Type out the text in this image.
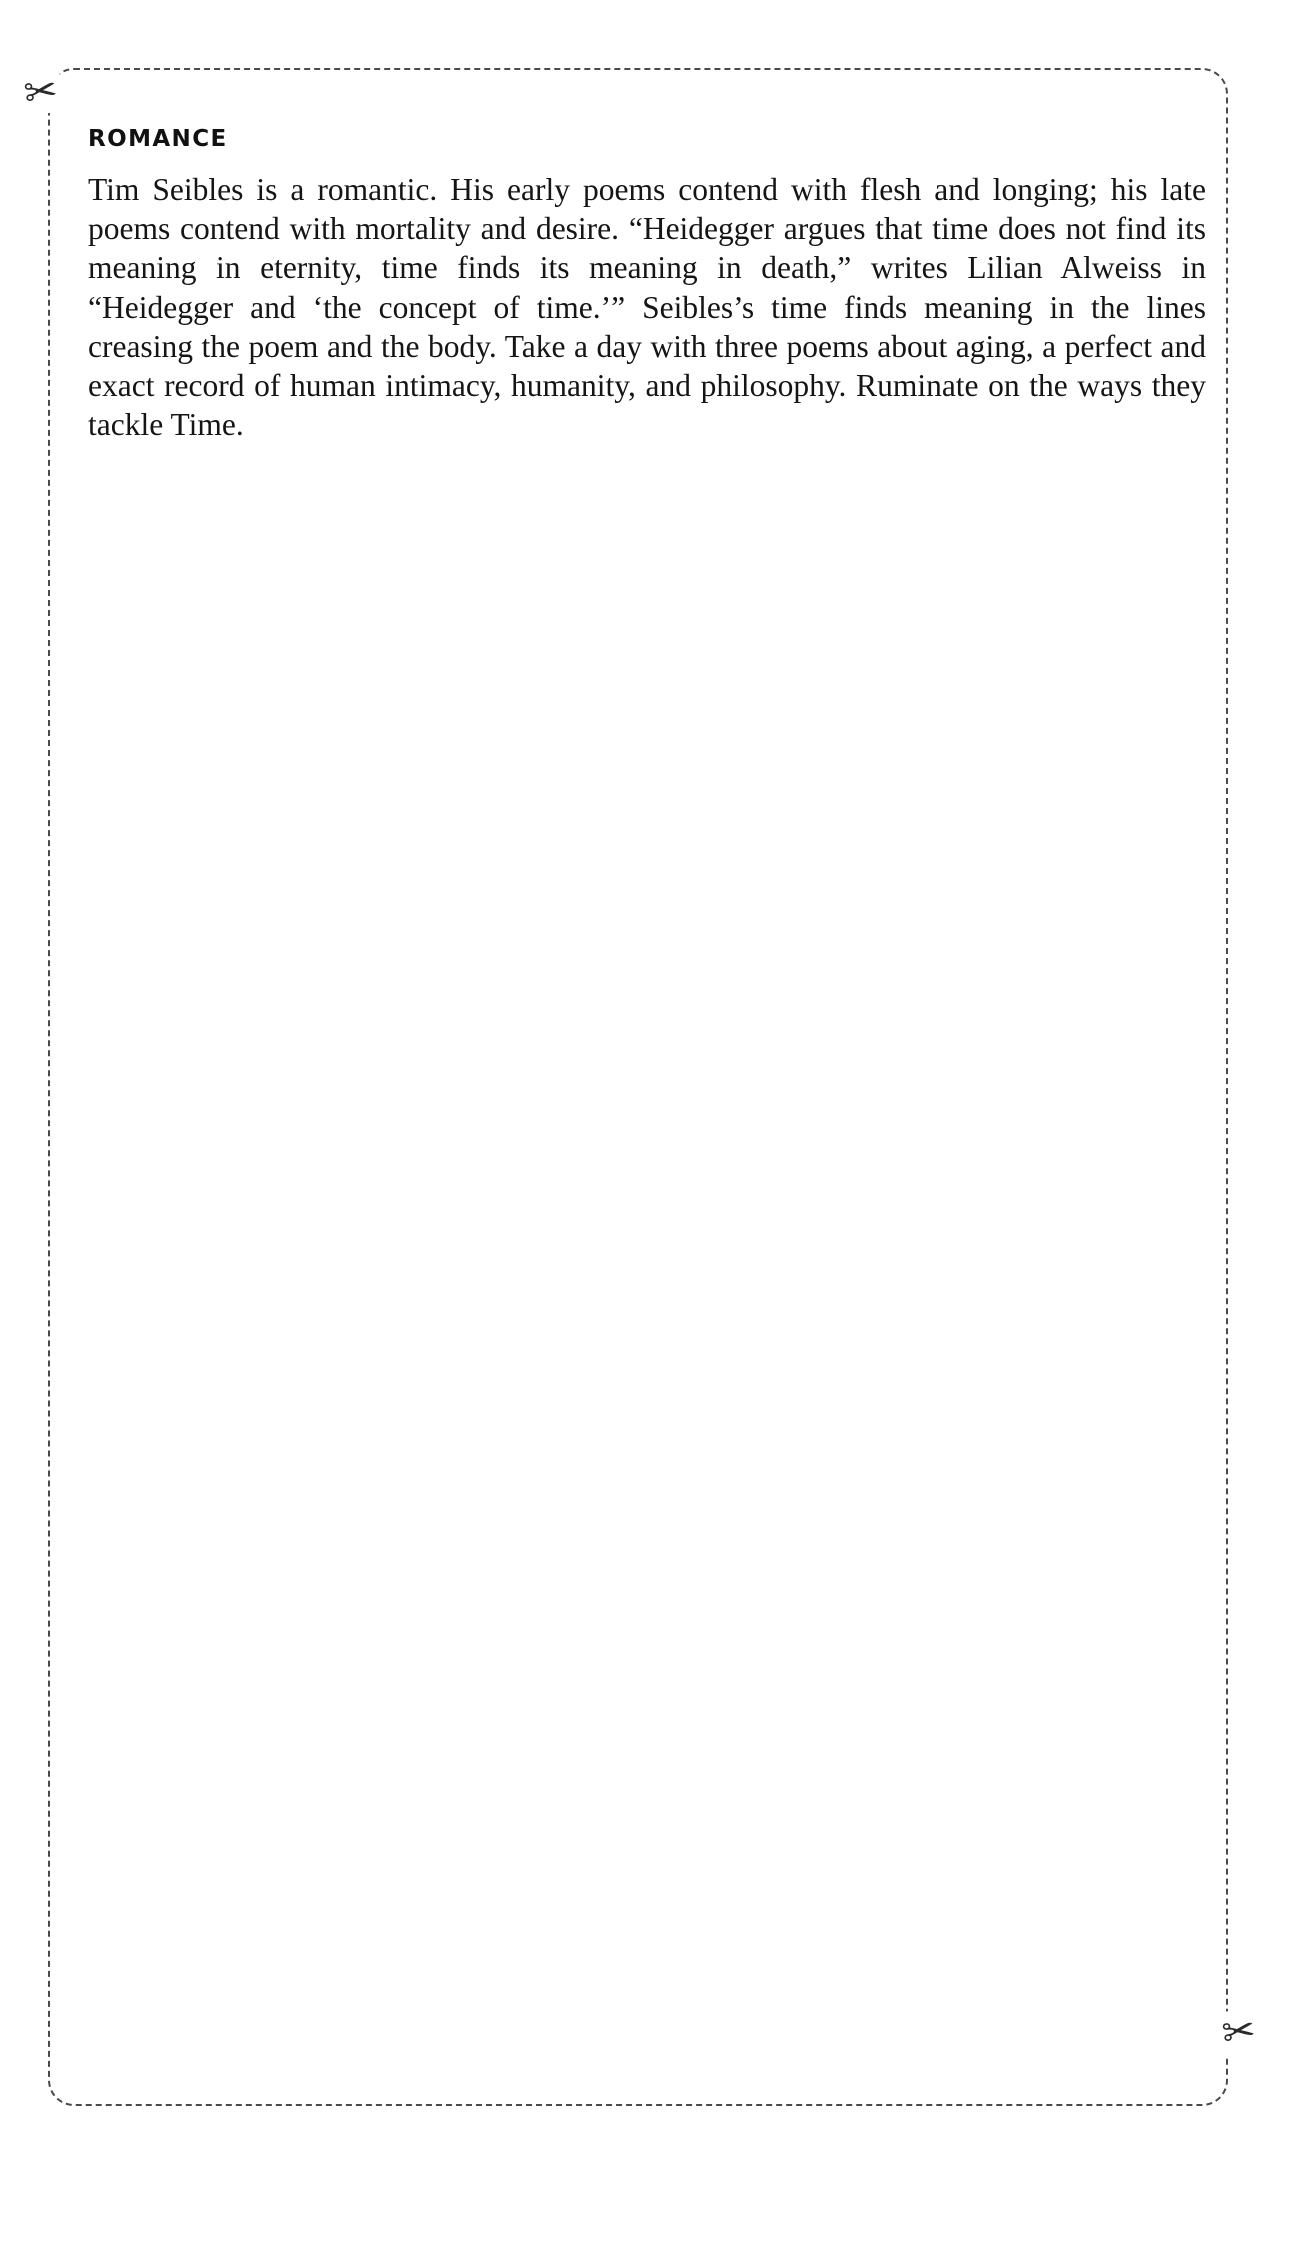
✂
✂
ROMANCE

Tim Seibles is a romantic. His early poems contend with flesh and longing; his late poems contend with mortality and desire. “Heidegger argues that time does not find its meaning in eternity, time finds its meaning in death,” writes Lilian Alweiss in “Heidegger and ‘the concept of time.’” Seibles’s time finds meaning in the lines creasing the poem and the body. Take a day with three poems about aging, a perfect and exact record of human intimacy, humanity, and philosophy. Ruminate on the ways they tackle Time.
